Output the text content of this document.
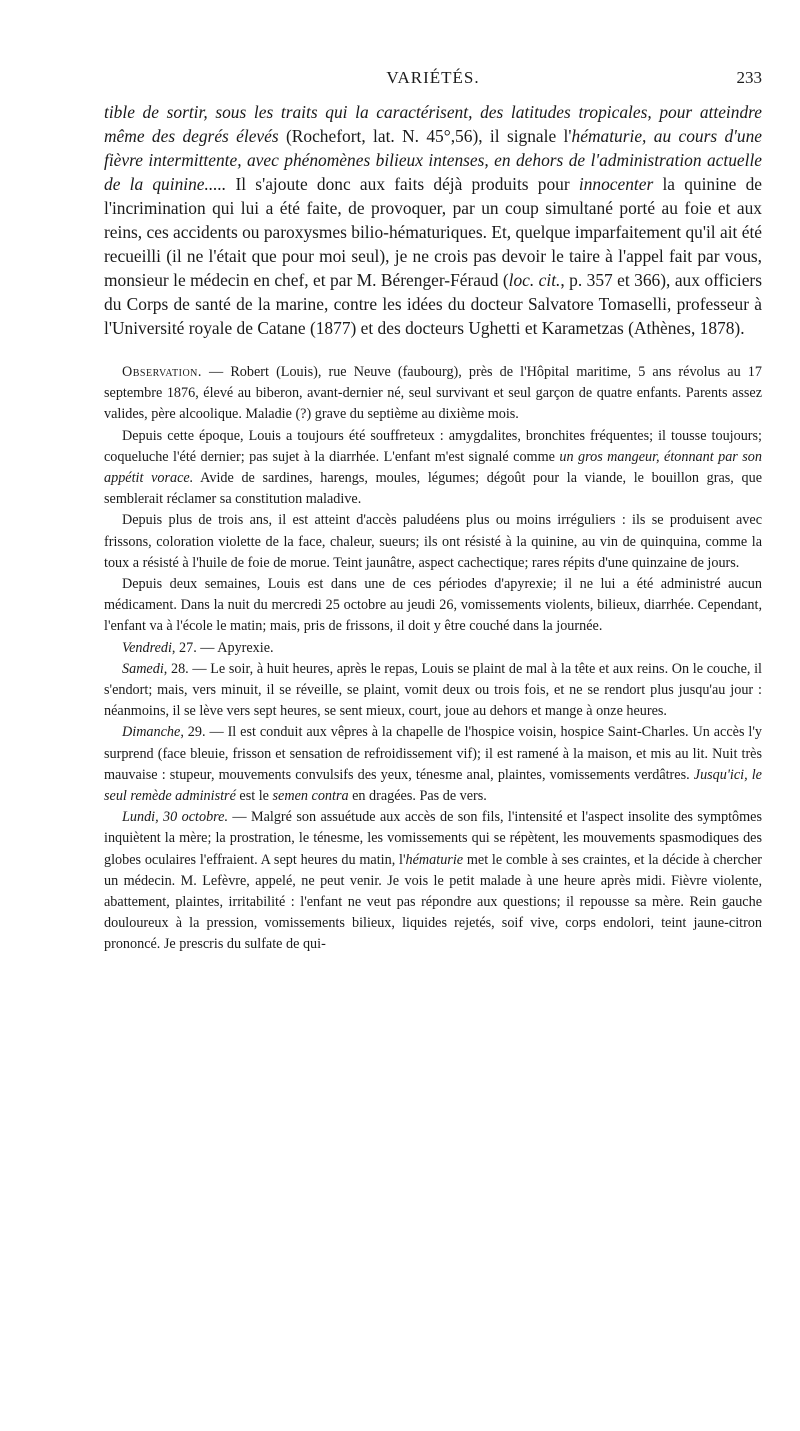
VARIÉTÉS.	233

tible de sortir, sous les traits qui la caractérisent, des latitudes tropicales, pour atteindre même des degrés élevés (Rochefort, lat. N. 45°,56), il signale l'hématurie, au cours d'une fièvre intermittente, avec phénomènes bilieux intenses, en dehors de l'administration actuelle de la quinine..... Il s'ajoute donc aux faits déjà produits pour innocenter la quinine de l'incrimination qui lui a été faite, de provoquer, par un coup simultané porté au foie et aux reins, ces accidents ou paroxysmes bilio-hématuriques. Et, quelque imparfaitement qu'il ait été recueilli (il ne l'était que pour moi seul), je ne crois pas devoir le taire à l'appel fait par vous, monsieur le médecin en chef, et par M. Bérenger-Féraud (loc. cit., p. 357 et 366), aux officiers du Corps de santé de la marine, contre les idées du docteur Salvatore Tomaselli, professeur à l'Université royale de Catane (1877) et des docteurs Ughetti et Karametzas (Athènes, 1878).

Observation. — Robert (Louis), rue Neuve (faubourg), près de l'Hôpital maritime, 5 ans révolus au 17 septembre 1876, élevé au biberon, avant-dernier né, seul survivant et seul garçon de quatre enfants. Parents assez valides, père alcoolique. Maladie (?) grave du septième au dixième mois.

Depuis cette époque, Louis a toujours été souffreteux : amygdalites, bronchites fréquentes; il tousse toujours; coqueluche l'été dernier; pas sujet à la diarrhée. L'enfant m'est signalé comme un gros mangeur, étonnant par son appétit vorace. Avide de sardines, harengs, moules, légumes; dégoût pour la viande, le bouillon gras, que semblerait réclamer sa constitution maladive.

Depuis plus de trois ans, il est atteint d'accès paludéens plus ou moins irréguliers : ils se produisent avec frissons, coloration violette de la face, chaleur, sueurs; ils ont résisté à la quinine, au vin de quinquina, comme la toux a résisté à l'huile de foie de morue. Teint jaunâtre, aspect cachectique; rares répits d'une quinzaine de jours.

Depuis deux semaines, Louis est dans une de ces périodes d'apyrexie; il ne lui a été administré aucun médicament. Dans la nuit du mercredi 25 octobre au jeudi 26, vomissements violents, bilieux, diarrhée. Cependant, l'enfant va à l'école le matin; mais, pris de frissons, il doit y être couché dans la journée.

Vendredi, 27. — Apyrexie.

Samedi, 28. — Le soir, à huit heures, après le repas, Louis se plaint de mal à la tête et aux reins. On le couche, il s'endort; mais, vers minuit, il se réveille, se plaint, vomit deux ou trois fois, et ne se rendort plus jusqu'au jour : néanmoins, il se lève vers sept heures, se sent mieux, court, joue au dehors et mange à onze heures.

Dimanche, 29. — Il est conduit aux vêpres à la chapelle de l'hospice voisin, hospice Saint-Charles. Un accès l'y surprend (face bleuie, frisson et sensation de refroidissement vif); il est ramené à la maison, et mis au lit. Nuit très mauvaise : stupeur, mouvements convulsifs des yeux, ténesme anal, plaintes, vomissements verdâtres. Jusqu'ici, le seul remède administré est le semen contra en dragées. Pas de vers.

Lundi, 30 octobre. — Malgré son assuétude aux accès de son fils, l'intensité et l'aspect insolite des symptômes inquiètent la mère; la prostration, le ténesme, les vomissements qui se répètent, les mouvements spasmodiques des globes oculaires l'effraient. A sept heures du matin, l'hématurie met le comble à ses craintes, et la décide à chercher un médecin. M. Lefèvre, appelé, ne peut venir. Je vois le petit malade à une heure après midi. Fièvre violente, abattement, plaintes, irritabilité : l'enfant ne veut pas répondre aux questions; il repousse sa mère. Rein gauche douloureux à la pression, vomissements bilieux, liquides rejetés, soif vive, corps endolori, teint jaune-citron prononcé. Je prescris du sulfate de qui-
